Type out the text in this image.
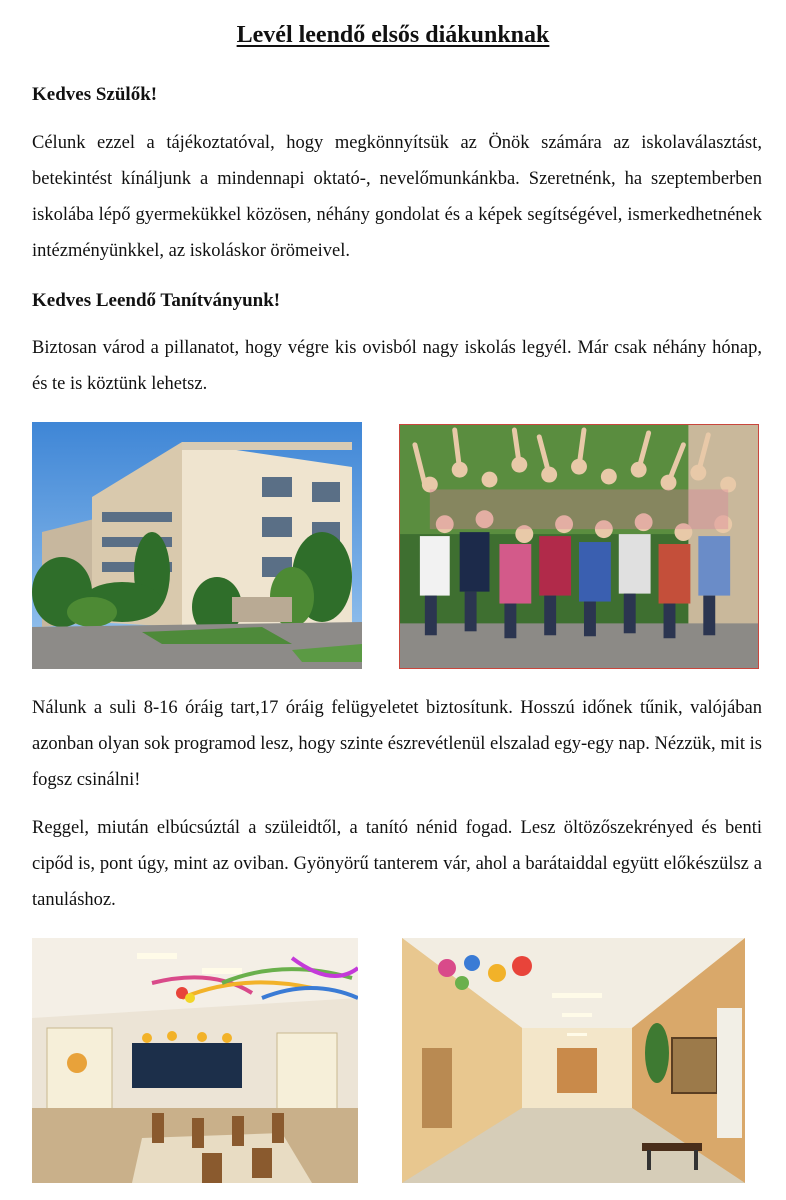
Levél leendő elsős diákunknak
Kedves Szülők!
Célunk ezzel a tájékoztatóval, hogy megkönnyítsük az Önök számára az iskolaválasztást, betekintést kínáljunk a mindennapi oktató-, nevelőmunkánkba. Szeretnénk, ha szeptemberben iskolába lépő gyermekükkel közösen, néhány gondolat és a képek segítségével, ismerkedhetnének intézményünkkel, az iskoláskor örömeivel.
Kedves Leendő Tanítványunk!
Biztosan várod a pillanatot, hogy végre kis ovisból nagy iskolás legyél. Már csak néhány hónap, és te is köztünk lehetsz.
Nálunk a suli 8-16 óráig tart,17 óráig felügyeletet biztosítunk. Hosszú időnek tűnik, valójában azonban olyan sok programod lesz, hogy szinte észrevétlenül elszalad egy-egy nap. Nézzük, mit is fogsz csinálni!
Reggel, miután elbúcsúztál a szüleidtől, a tanító nénid fogad. Lesz öltözőszekrényed és benti cipőd is, pont úgy, mint az oviban. Gyönyörű tanterem vár, ahol a barátaiddal együtt előkészülsz a tanuláshoz.
